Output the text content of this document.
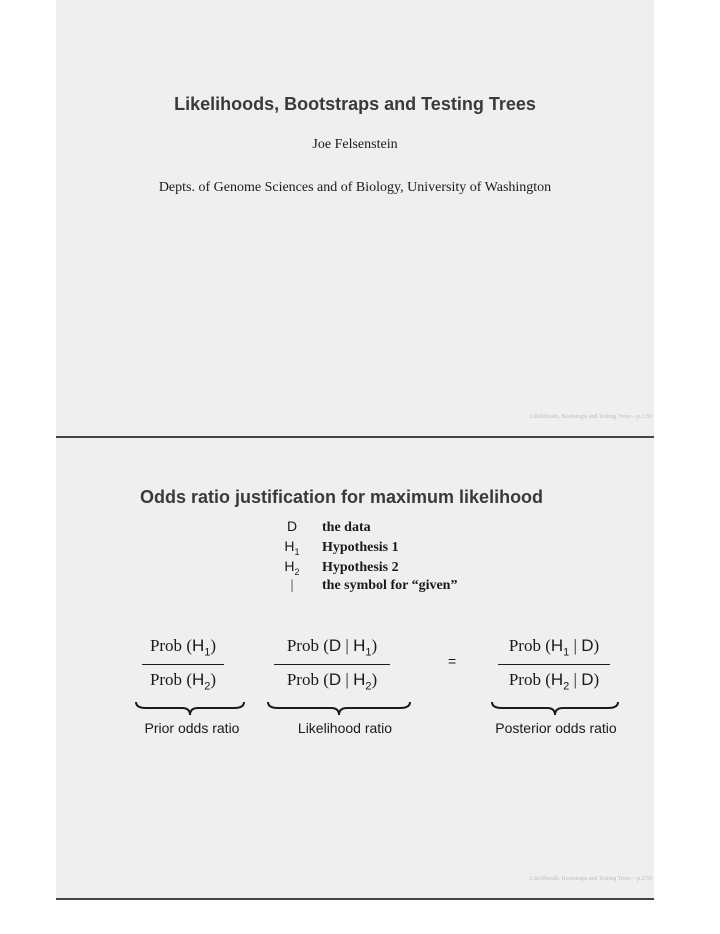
Likelihoods, Bootstraps and Testing Trees
Joe Felsenstein
Depts. of Genome Sciences and of Biology, University of Washington
Likelihoods, Bootstraps and Testing Trees – p.1/59
Odds ratio justification for maximum likelihood
D	the data
$H_1$	Hypothesis 1
$H_2$	Hypothesis 2
|	the symbol for “given”
Prob $(H_1)$
Prob $(H_2)$
Prob (D | $H_1$)
Prob (D | $H_2$)
=
Prob ($H_1$ | D)
Prob ($H_2$ | D)
Prior odds ratio	Likelihood ratio	Posterior odds ratio
Likelihoods, Bootstraps and Testing Trees – p.2/59
